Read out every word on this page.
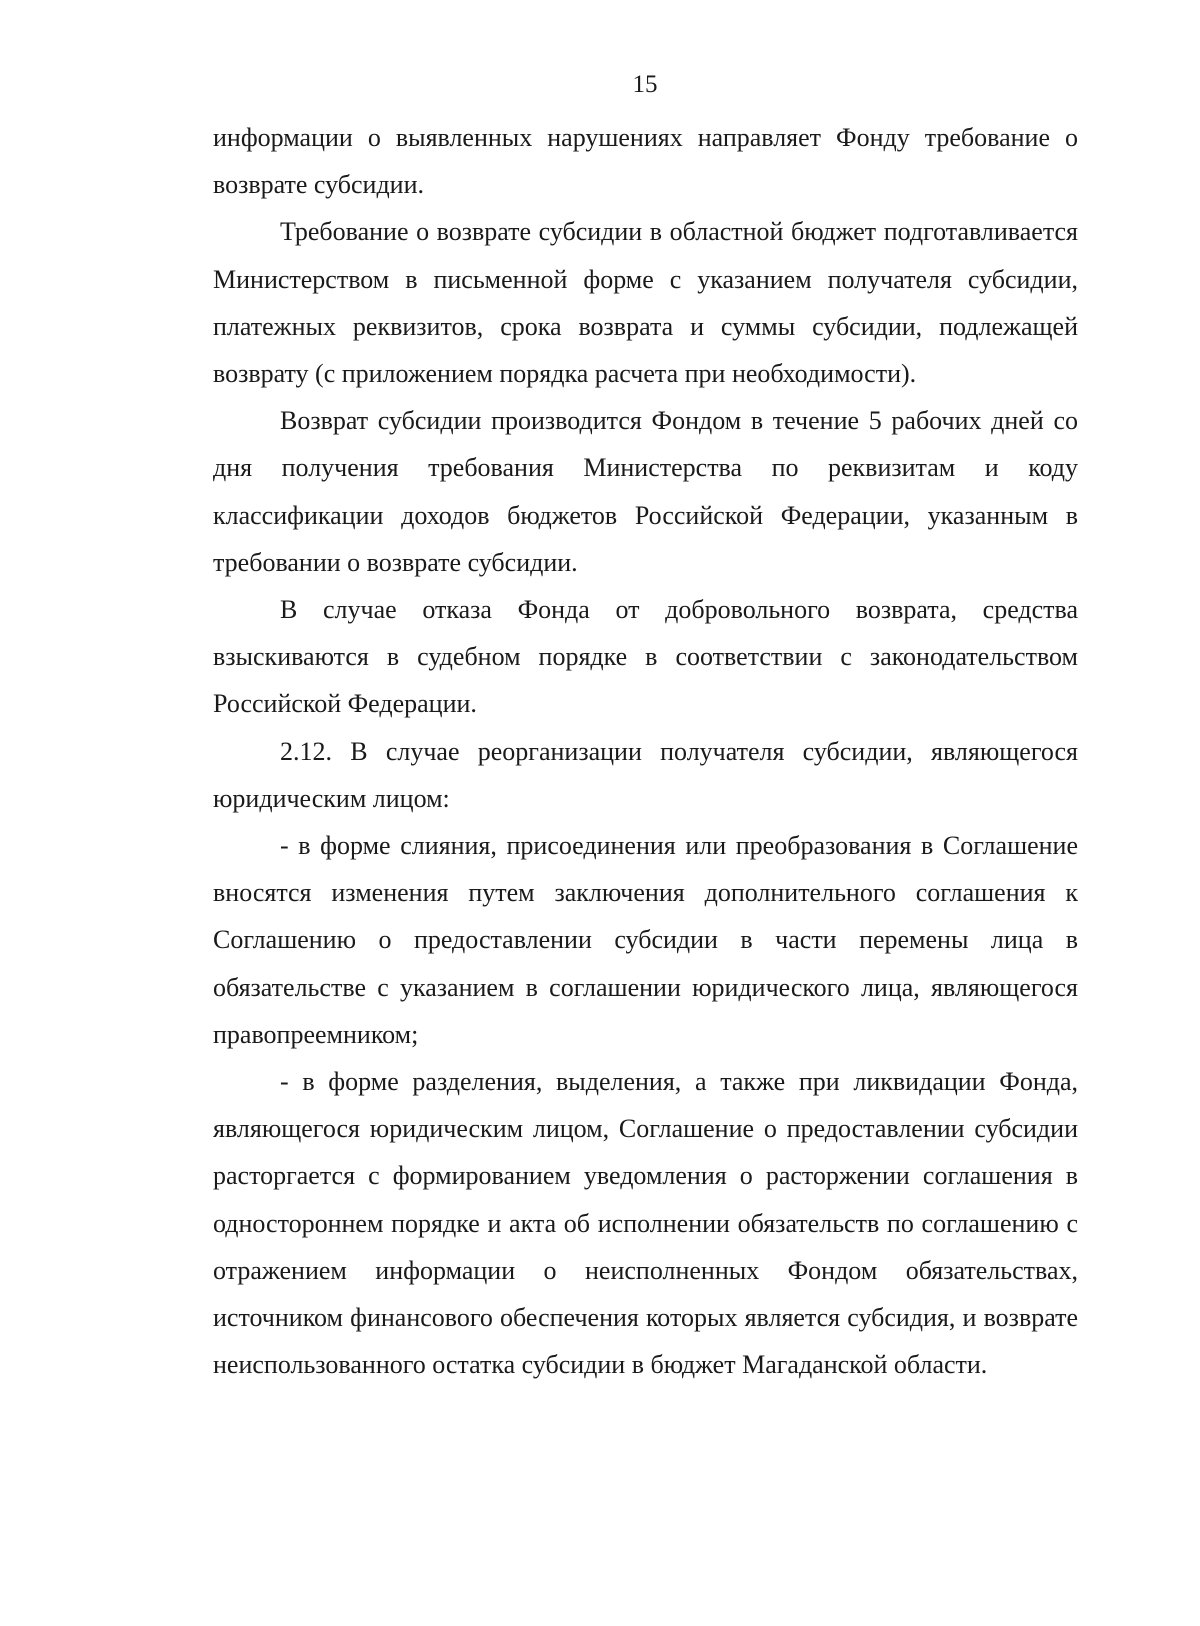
15

информации о выявленных нарушениях направляет Фонду требование о возврате субсидии.

Требование о возврате субсидии в областной бюджет подготавливается Министерством в письменной форме с указанием получателя субсидии, платежных реквизитов, срока возврата и суммы субсидии, подлежащей возврату (с приложением порядка расчета при необходимости).

Возврат субсидии производится Фондом в течение 5 рабочих дней со дня получения требования Министерства по реквизитам и коду классификации доходов бюджетов Российской Федерации, указанным в требовании о возврате субсидии.

В случае отказа Фонда от добровольного возврата, средства взыскиваются в судебном порядке в соответствии с законодательством Российской Федерации.

2.12. В случае реорганизации получателя субсидии, являющегося юридическим лицом:

- в форме слияния, присоединения или преобразования в Соглашение вносятся изменения путем заключения дополнительного соглашения к Соглашению о предоставлении субсидии в части перемены лица в обязательстве с указанием в соглашении юридического лица, являющегося правопреемником;

- в форме разделения, выделения, а также при ликвидации Фонда, являющегося юридическим лицом, Соглашение о предоставлении субсидии расторгается с формированием уведомления о расторжении соглашения в одностороннем порядке и акта об исполнении обязательств по соглашению с отражением информации о неисполненных Фондом обязательствах, источником финансового обеспечения которых является субсидия, и возврате неиспользованного остатка субсидии в бюджет Магаданской области.
